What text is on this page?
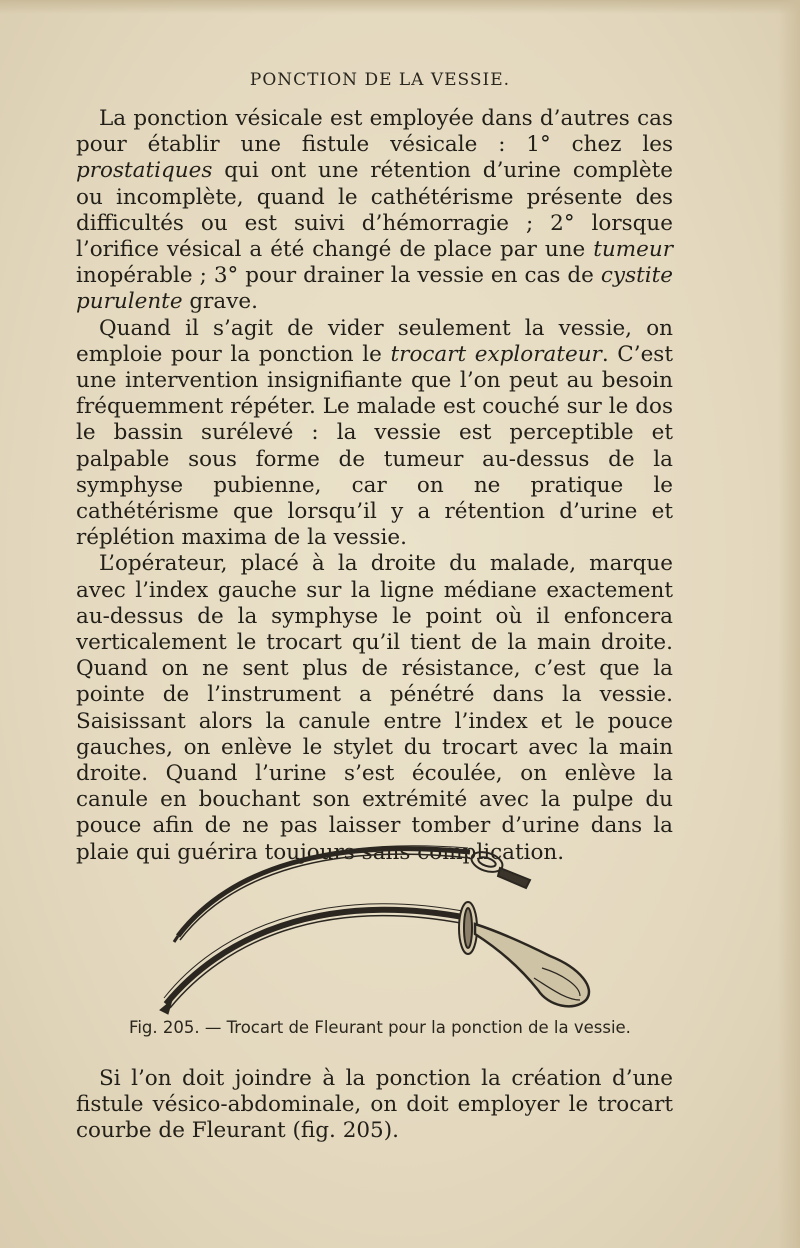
PONCTION DE LA VESSIE.

La ponction vésicale est employée dans d’autres cas pour établir une fistule vésicale : 1° chez les prostatiques qui ont une rétention d’urine complète ou incomplète, quand le cathétérisme présente des difficultés ou est suivi d’hémorragie ; 2° lorsque l’orifice vésical a été changé de place par une tumeur inopérable ; 3° pour drainer la vessie en cas de cystite purulente grave.

Quand il s’agit de vider seulement la vessie, on emploie pour la ponction le trocart explorateur. C’est une intervention insignifiante que l’on peut au besoin fréquemment répéter. Le malade est couché sur le dos le bassin surélevé : la vessie est perceptible et palpable sous forme de tumeur au-dessus de la symphyse pubienne, car on ne pratique le cathétérisme que lorsqu’il y a rétention d’urine et réplétion maxima de la vessie.

L’opérateur, placé à la droite du malade, marque avec l’index gauche sur la ligne médiane exactement au-dessus de la symphyse le point où il enfoncera verticalement le trocart qu’il tient de la main droite. Quand on ne sent plus de résistance, c’est que la pointe de l’instrument a pénétré dans la vessie. Saisissant alors la canule entre l’index et le pouce gauches, on enlève le stylet du trocart avec la main droite. Quand l’urine s’est écoulée, on enlève la canule en bouchant son extrémité avec la pulpe du pouce afin de ne pas laisser tomber d’urine dans la plaie qui guérira toujours sans complication.

Fig. 205. — Trocart de Fleurant pour la ponction de la vessie.

Si l’on doit joindre à la ponction la création d’une fistule vésico-abdominale, on doit employer le trocart courbe de Fleurant (fig. 205).
